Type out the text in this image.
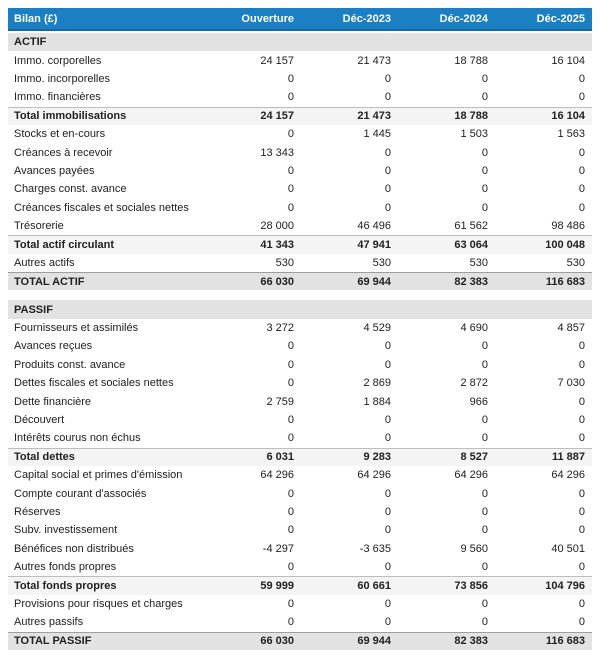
Bilan (£)	Ouverture	Déc-2023	Déc-2024	Déc-2025
ACTIF
Immo. corporelles	24 157	21 473	18 788	16 104
Immo. incorporelles	0	0	0	0
Immo. financières	0	0	0	0
Total immobilisations	24 157	21 473	18 788	16 104
Stocks et en-cours	0	1 445	1 503	1 563
Créances à recevoir	13 343	0	0	0
Avances payées	0	0	0	0
Charges const. avance	0	0	0	0
Créances fiscales et sociales nettes	0	0	0	0
Trésorerie	28 000	46 496	61 562	98 486
Total actif circulant	41 343	47 941	63 064	100 048
Autres actifs	530	530	530	530
TOTAL ACTIF	66 030	69 944	82 383	116 683
PASSIF
Fournisseurs et assimilés	3 272	4 529	4 690	4 857
Avances reçues	0	0	0	0
Produits const. avance	0	0	0	0
Dettes fiscales et sociales nettes	0	2 869	2 872	7 030
Dette financière	2 759	1 884	966	0
Découvert	0	0	0	0
Intérêts courus non échus	0	0	0	0
Total dettes	6 031	9 283	8 527	11 887
Capital social et primes d'émission	64 296	64 296	64 296	64 296
Compte courant d'associés	0	0	0	0
Réserves	0	0	0	0
Subv. investissement	0	0	0	0
Bénéfices non distribués	-4 297	-3 635	9 560	40 501
Autres fonds propres	0	0	0	0
Total fonds propres	59 999	60 661	73 856	104 796
Provisions pour risques et charges	0	0	0	0
Autres passifs	0	0	0	0
TOTAL PASSIF	66 030	69 944	82 383	116 683
